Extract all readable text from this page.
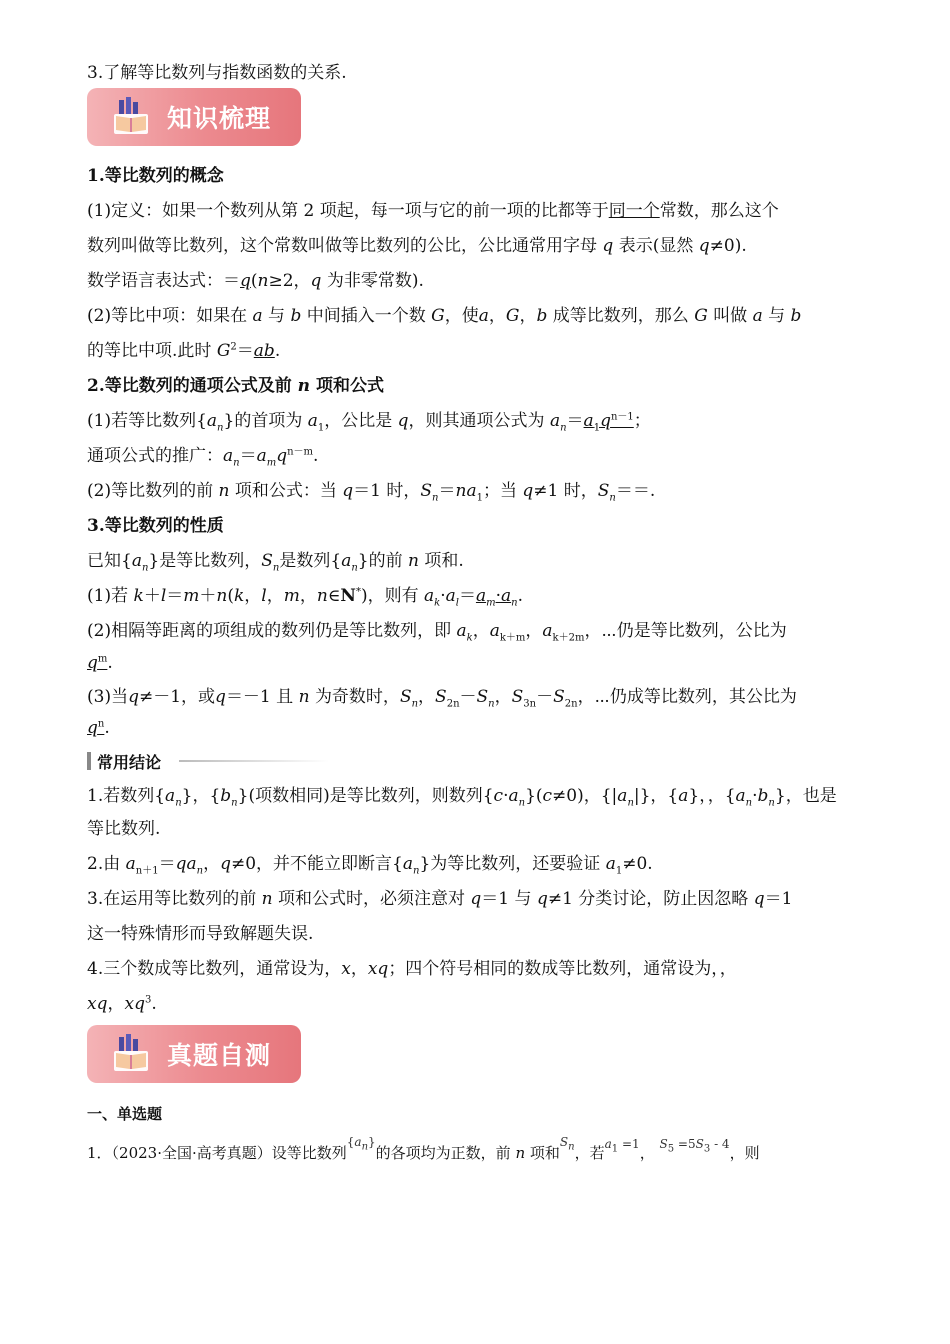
3.了解等比数列与指数函数的关系.
知识梳理
1.等比数列的概念
(1)定义：如果一个数列从第 2 项起，每一项与它的前一项的比都等于同一个常数，那么这个
数列叫做等比数列，这个常数叫做等比数列的公比，公比通常用字母 q 表示(显然 q≠0).
数学语言表达式：＝q(n≥2，q 为非零常数).
(2)等比中项：如果在 a 与 b 中间插入一个数 G，使a，G，b 成等比数列，那么 G 叫做 a 与 b
的等比中项.此时 $G^2=ab$.
2.等比数列的通项公式及前 n 项和公式
(1)若等比数列$\{a_n\}$的首项为 $a_1$，公比是 q，则其通项公式为 $a_n=a_1q^{n-1}$；
通项公式的推广：$a_n=a_mq^{n-m}$.
(2)等比数列的前 n 项和公式：当 q＝1 时，$S_n=na_1$；当 q≠1 时，$S_n==$.
3.等比数列的性质
已知$\{a_n\}$是等比数列，$S_n$是数列$\{a_n\}$的前 n 项和.
(1)若 k＋l＝m＋n(k，l，m，n∈N*)，则有 $a_k\cdot a_l=a_m\cdot a_n$.
(2)相隔等距离的项组成的数列仍是等比数列，即 $a_k$，$a_{k+m}$，$a_{k+2m}$，⋯仍是等比数列，公比为
$q^m$.
(3)当q≠－1，或q＝－1 且 n 为奇数时，$S_n$，$S_{2n}-S_n$，$S_{3n}-S_{2n}$，⋯仍成等比数列，其公比为
$q^n$.
常用结论
1.若数列$\{a_n\}$，$\{b_n\}$(项数相同)是等比数列，则数列$\{c\cdot a_n\}(c\ne 0)$，$\{|a_n|\}$，{a}，，$\{a_n\cdot b_n\}$，也是
等比数列.
2.由 $a_{n+1}=qa_n$，q≠0，并不能立即断言$\{a_n\}$为等比数列，还要验证 $a_1\ne 0$.
3.在运用等比数列的前 n 项和公式时，必须注意对 q＝1 与 q≠1 分类讨论，防止因忽略 q＝1
这一特殊情形而导致解题失误.
4.三个数成等比数列，通常设为，x，xq；四个符号相同的数成等比数列，通常设为，，
xq，$xq^3$.
真题自测
一、单选题
1．（2023·全国·高考真题）设等比数列$^{\{a_n\}}$的各项均为正数，前 n 项和$^{S_n}$，若$^{a_1 =1}$， $^{S_5 =5S_3 - 4}$，则
